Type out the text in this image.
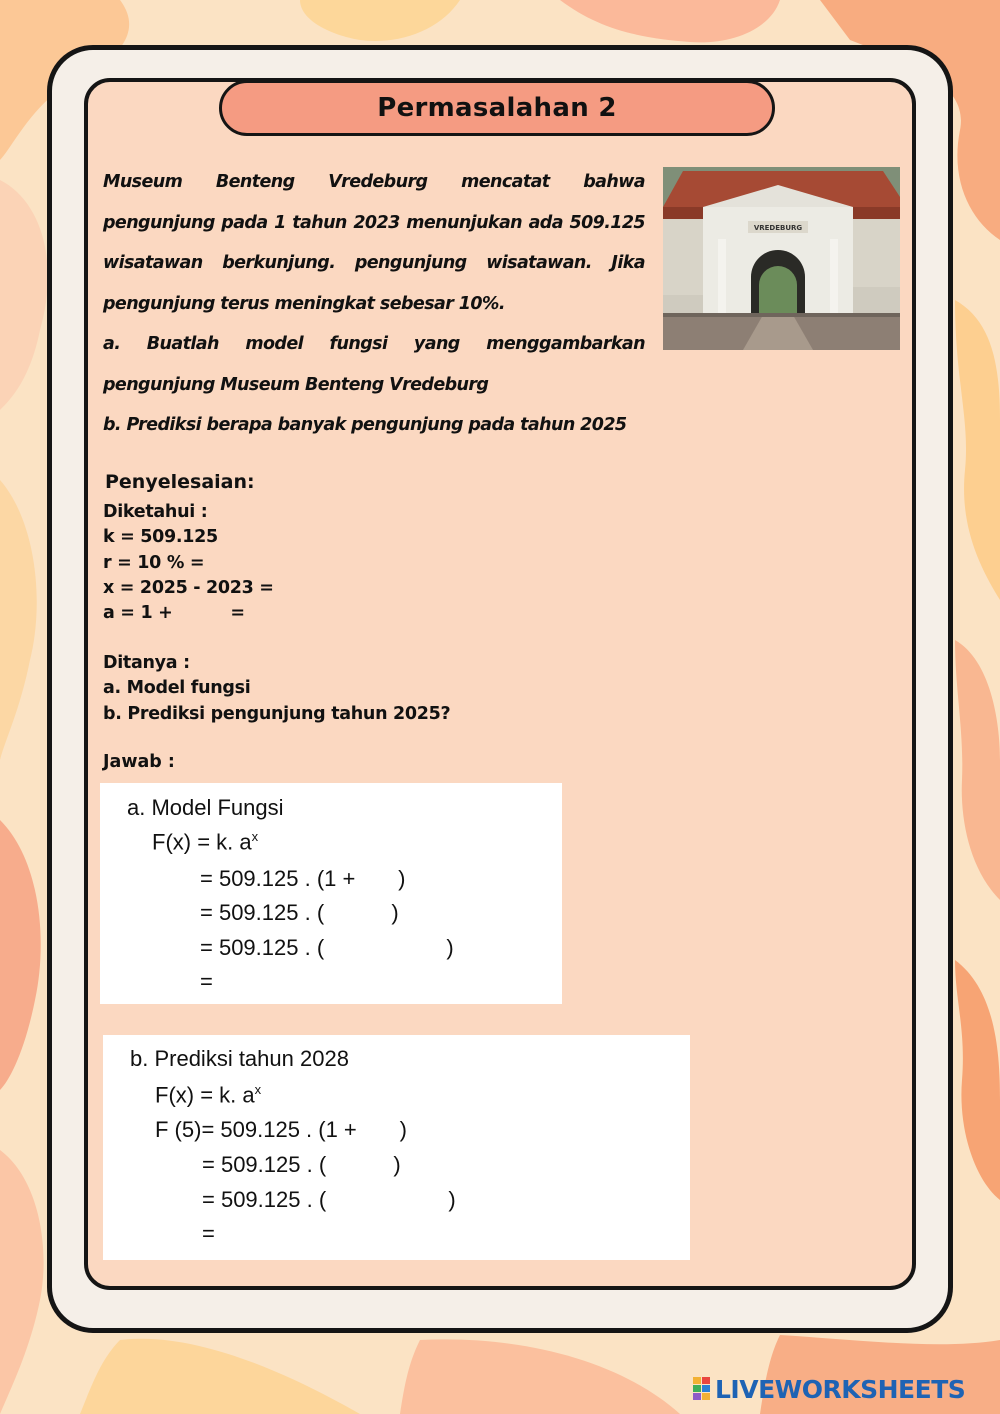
Permasalahan 2

Museum Benteng Vredeburg mencatat bahwa pengunjung pada 1 tahun 2023 menunjukan ada 509.125 wisatawan berkunjung. pengunjung wisatawan. Jika pengunjung terus meningkat sebesar 10%.

a. Buatlah model fungsi yang menggambarkan pengunjung Museum Benteng Vredeburg

b. Prediksi berapa banyak pengunjung pada tahun 2025

VREDEBURG
Penyelesaian:
Diketahui :
k = 509.125
r = 10 % =
x = 2025 - 2023 =
a = 1 +          =
Ditanya :
a. Model fungsi
b. Prediksi pengunjung tahun 2025?
Jawab :
a. Model Fungsi
F(x) = k. $a^x$
= 509.125 . (1 +       )
= 509.125 . (           )
= 509.125 . (                    )
=
b. Prediksi tahun 2028
F(x) = k. $a^x$
F (5)= 509.125 . (1 +       )
= 509.125 . (           )
= 509.125 . (                    )
=
LIVEWORKSHEETS
